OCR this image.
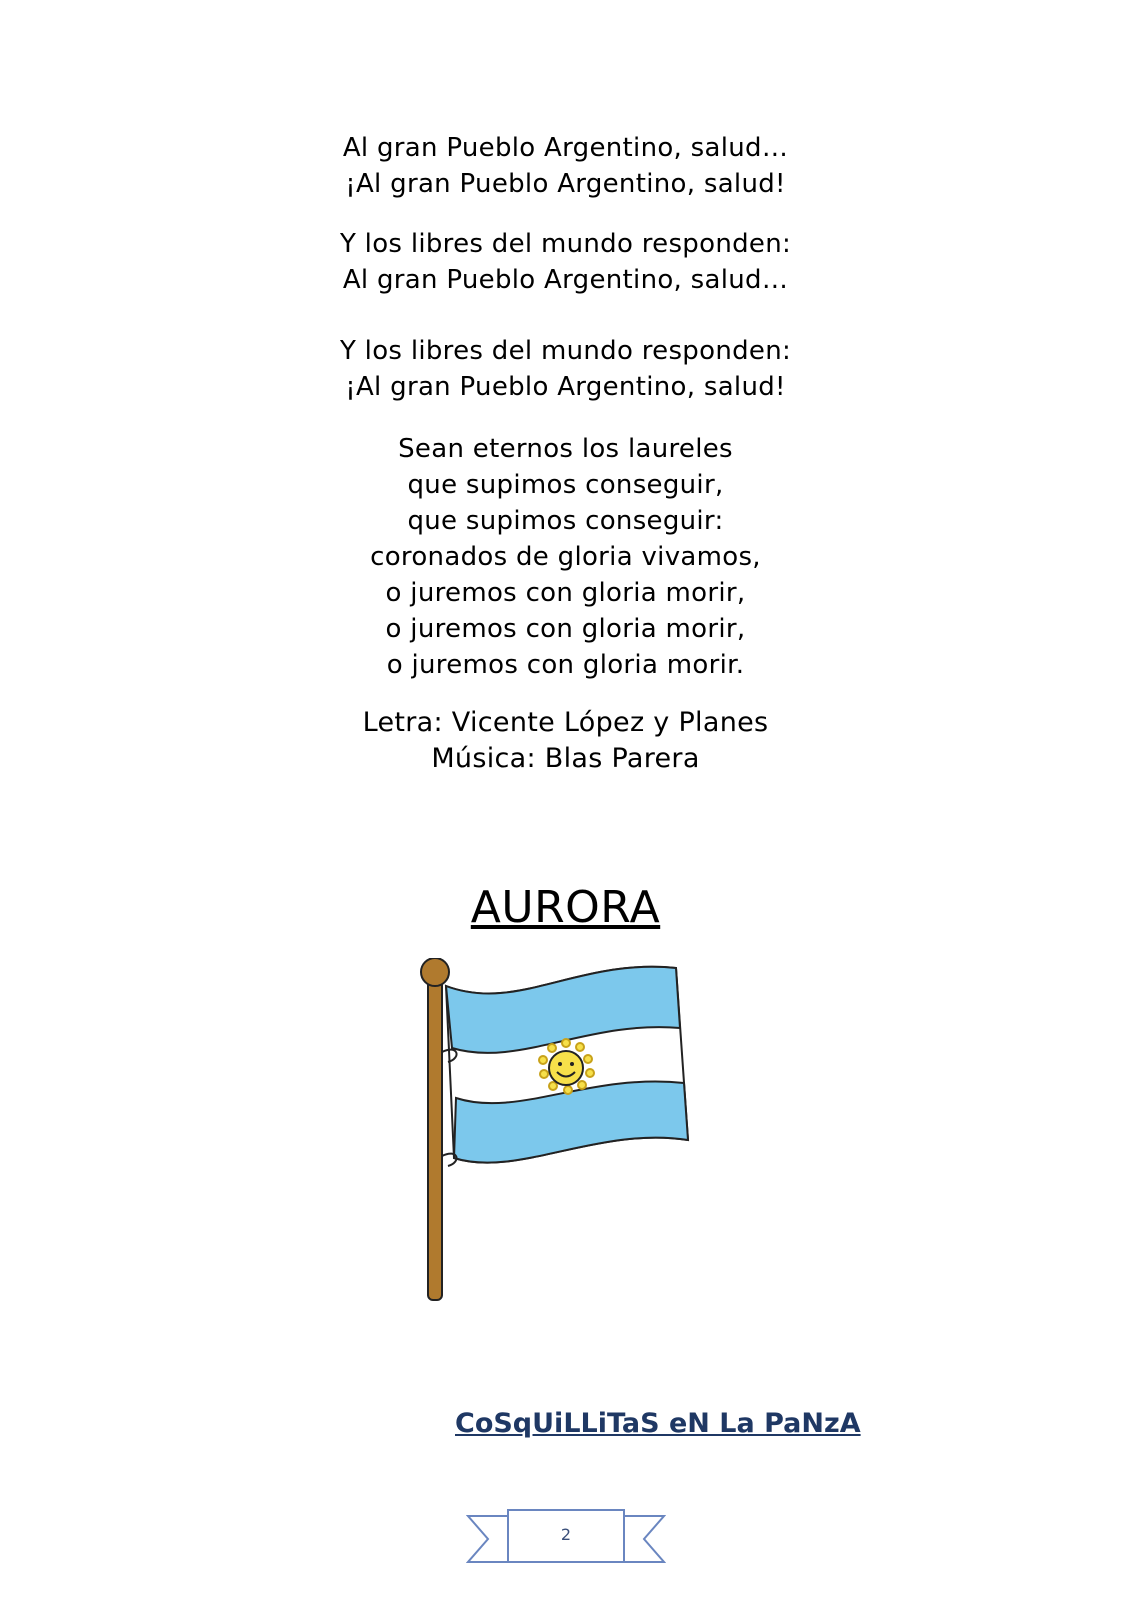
Al gran Pueblo Argentino, salud…
¡Al gran Pueblo Argentino, salud!
Y los libres del mundo responden:
Al gran Pueblo Argentino, salud…
Y los libres del mundo responden:
¡Al gran Pueblo Argentino, salud!
Sean eternos los laureles
que supimos conseguir,
que supimos conseguir:
coronados de gloria vivamos,
o juremos con gloria morir,
o juremos con gloria morir,
o juremos con gloria morir.
Letra: Vicente López y Planes
Música: Blas Parera
AURORA
CoSqUiLLiTaS eN La PaNzA
2
